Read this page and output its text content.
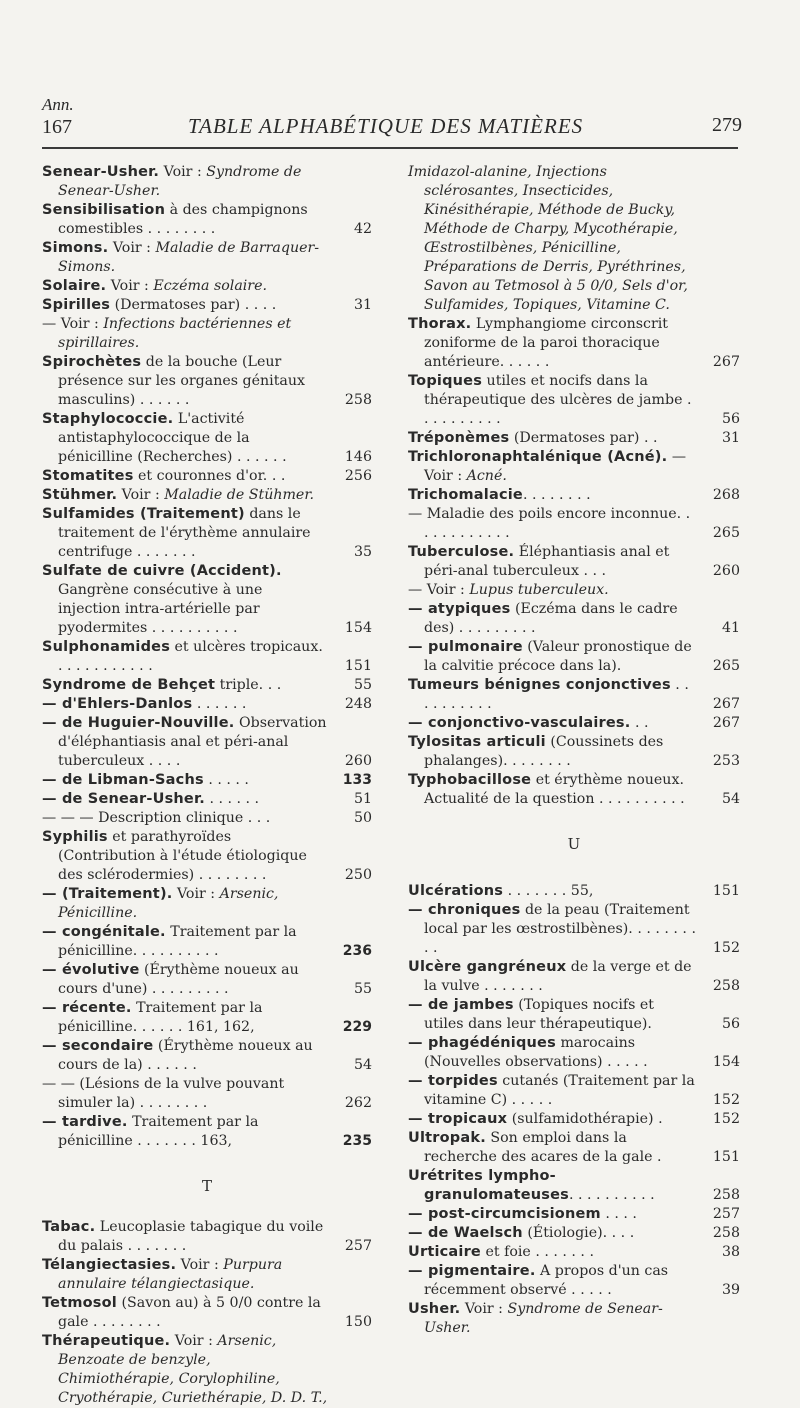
Ann.
167	TABLE ALPHABÉTIQUE DES MATIÈRES	279
Senear-Usher. Voir : Syndrome de Senear-Usher.
Sensibilisation à des champignons comestibles . . . . . . . .	42
Simons. Voir : Maladie de Barraquer-Simons.
Solaire. Voir : Eczéma solaire.
Spirilles (Dermatoses par) . . . .	31
— Voir : Infections bactériennes et spirillaires.
Spirochètes de la bouche (Leur présence sur les organes génitaux masculins) . . . . . .	258
Staphylococcie. L'activité antistaphylococcique de la pénicilline (Recherches) . . . . . .	146
Stomatites et couronnes d'or. . .	256
Stühmer. Voir : Maladie de Stühmer.
Sulfamides (Traitement) dans le traitement de l'érythème annulaire centrifuge . . . . . . .	35
Sulfate de cuivre (Accident). Gangrène consécutive à une injection intra-artérielle par pyodermites . . . . . . . . . .	154
Sulphonamides et ulcères tropicaux. . . . . . . . . . . .	151
Syndrome de Behçet triple. . .	55
— d'Ehlers-Danlos . . . . . .	248
— de Huguier-Nouville. Observation d'éléphantiasis anal et péri-anal tuberculeux . . . .	260
— de Libman-Sachs . . . . .	133
— de Senear-Usher. . . . . . .	51
— — — Description clinique . . .	50
Syphilis et parathyroïdes (Contribution à l'étude étiologique des sclérodermies) . . . . . . . .	250
— (Traitement). Voir : Arsenic, Pénicilline.
— congénitale. Traitement par la pénicilline. . . . . . . . . .	236
— évolutive (Érythème noueux au cours d'une) . . . . . . . . .	55
— récente. Traitement par la pénicilline. . . . . . 161, 162,	229
— secondaire (Érythème noueux au cours de la) . . . . . .	54
— — (Lésions de la vulve pouvant simuler la) . . . . . . . .	262
— tardive. Traitement par la pénicilline . . . . . . . 163,	235
T
Tabac. Leucoplasie tabagique du voile du palais . . . . . . .	257
Télangiectasies. Voir : Purpura annulaire télangiectasique.
Tetmosol (Savon au) à 5 0/0 contre la gale . . . . . . . .	150
Thérapeutique. Voir : Arsenic, Benzoate de benzyle, Chimiothérapie, Corylophiline, Cryothérapie, Curiethérapie, D. D. T.,
Imidazol-alanine, Injections sclérosantes, Insecticides, Kinésithérapie, Méthode de Bucky, Méthode de Charpy, Mycothérapie, Œstrostilbènes, Pénicilline, Préparations de Derris, Pyréthrines, Savon au Tetmosol à 5 0/0, Sels d'or, Sulfamides, Topiques, Vitamine C.
Thorax. Lymphangiome circonscrit zoniforme de la paroi thoracique antérieure. . . . . .	267
Topiques utiles et nocifs dans la thérapeutique des ulcères de jambe . . . . . . . . . .	56
Tréponèmes (Dermatoses par) . .	31
Trichloronaphtalénique (Acné). — Voir : Acné.
Trichomalacie. . . . . . . .	268
— Maladie des poils encore inconnue. . . . . . . . . . . .	265
Tuberculose. Éléphantiasis anal et péri-anal tuberculeux . . .	260
— Voir : Lupus tuberculeux.
— atypiques (Eczéma dans le cadre des) . . . . . . . . .	41
— pulmonaire (Valeur pronostique de la calvitie précoce dans la).	265
Tumeurs bénignes conjonctives . . . . . . . . . .	267
— conjonctivo-vasculaires. . .	267
Tylositas articuli (Coussinets des phalanges). . . . . . . .	253
Typhobacillose et érythème noueux. Actualité de la question . . . . . . . . . .	54
U
Ulcérations . . . . . . . 55,	151
— chroniques de la peau (Traitement local par les œstrostilbènes). . . . . . . . . .	152
Ulcère gangréneux de la verge et de la vulve . . . . . . .	258
— de jambes (Topiques nocifs et utiles dans leur thérapeutique).	56
— phagédéniques marocains (Nouvelles observations) . . . . .	154
— torpides cutanés (Traitement par la vitamine C) . . . . .	152
— tropicaux (sulfamidothérapie) .	152
Ultropak. Son emploi dans la recherche des acares de la gale .	151
Urétrites lympho-granulomateuses. . . . . . . . . .	258
— post-circumcisionem . . . .	257
— de Waelsch (Étiologie). . . .	258
Urticaire et foie . . . . . . .	38
— pigmentaire. A propos d'un cas récemment observé . . . . .	39
Usher. Voir : Syndrome de Senear-Usher.
